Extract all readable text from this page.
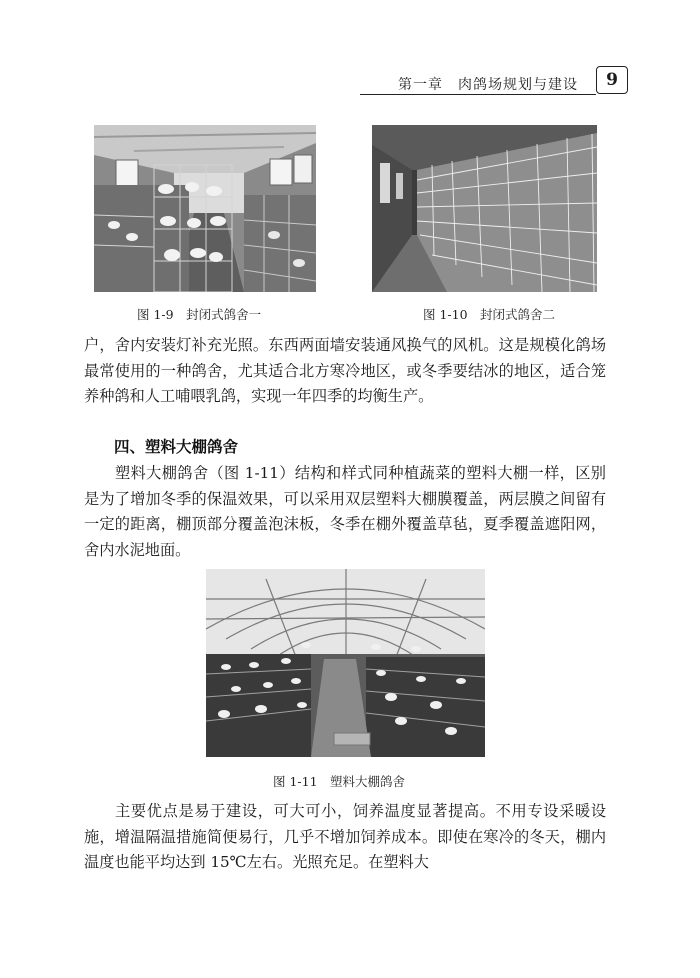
第一章　肉鸽场规划与建设	9
图 1-9　封闭式鸽舍一	图 1-10　封闭式鸽舍二

户，舍内安装灯补充光照。东西两面墙安装通风换气的风机。这是规模化鸽场最常使用的一种鸽舍，尤其适合北方寒冷地区，或冬季要结冰的地区，适合笼养种鸽和人工哺喂乳鸽，实现一年四季的均衡生产。

四、塑料大棚鸽舍

塑料大棚鸽舍（图 1-11）结构和样式同种植蔬菜的塑料大棚一样，区别是为了增加冬季的保温效果，可以采用双层塑料大棚膜覆盖，两层膜之间留有一定的距离，棚顶部分覆盖泡沫板，冬季在棚外覆盖草毡，夏季覆盖遮阳网，舍内水泥地面。

图 1-11　塑料大棚鸽舍

主要优点是易于建设，可大可小，饲养温度显著提高。不用专设采暖设施，增温隔温措施简便易行，几乎不增加饲养成本。即使在寒冷的冬天，棚内温度也能平均达到 15℃左右。光照充足。在塑料大
